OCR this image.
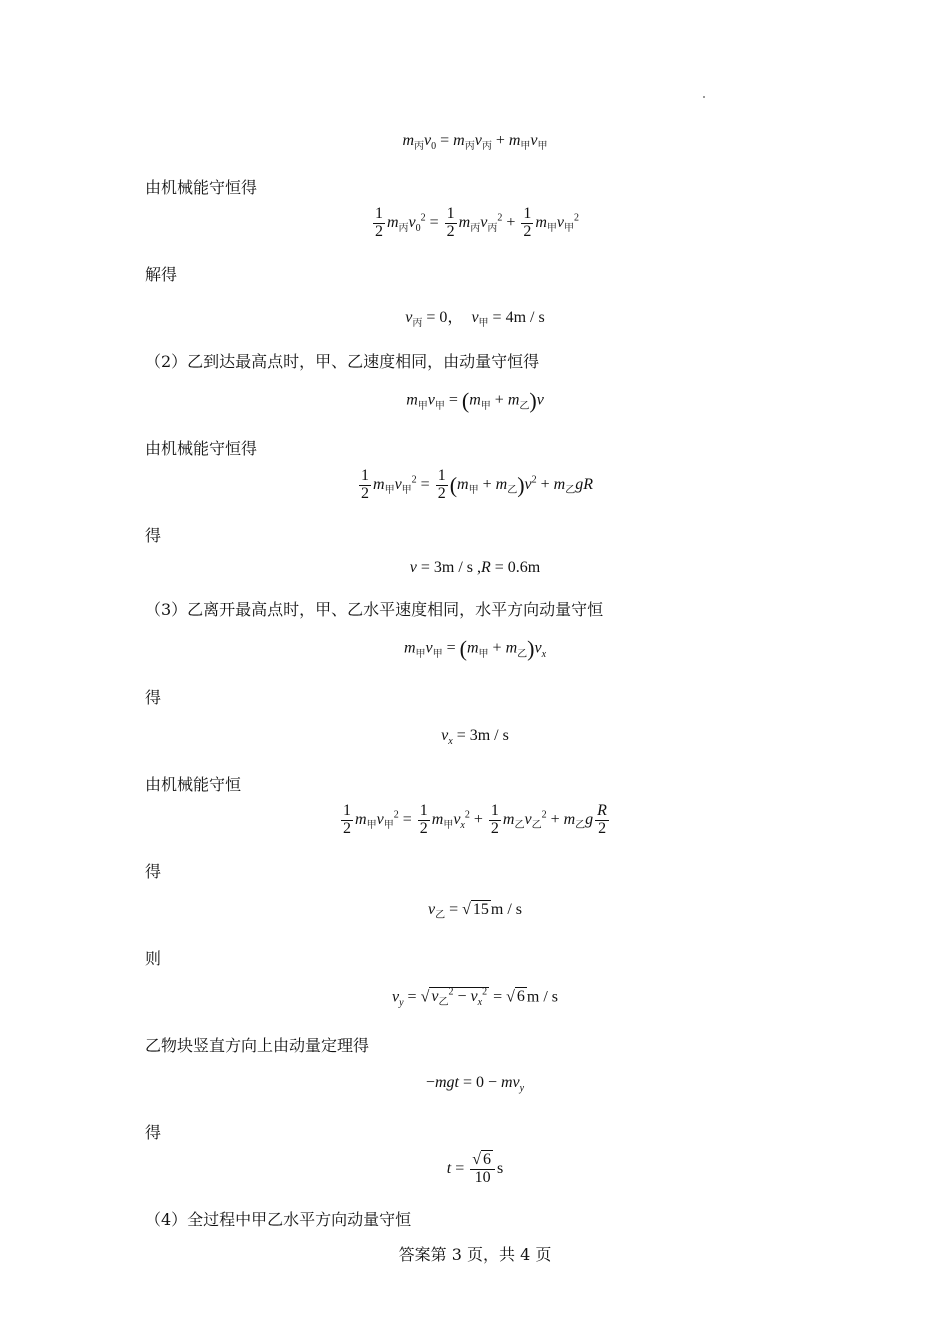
$m_丙v_0 = m_丙v_丙 + m_甲v_甲$
由机械能守恒得
$\frac{1}{2} m_丙v_0^2 = \frac{1}{2} m_丙v_丙^2 + \frac{1}{2} m_甲v_甲^2$
解得
$v_丙 = 0$， $v_甲 = 4m / s$
（2）乙到达最高点时，甲、乙速度相同，由动量守恒得
$m_甲v_甲 = (m_甲 + m_乙)v$
由机械能守恒得
$\frac{1}{2} m_甲v_甲^2 = \frac{1}{2} (m_甲 + m_乙)v^2 + m_乙gR$
得
v = 3m / s ,R = 0.6m
（3）乙离开最高点时，甲、乙水平速度相同，水平方向动量守恒
$m_甲v_甲 = (m_甲 + m_乙)v_x$
得
$v_x = 3m / s$
由机械能守恒
$\frac{1}{2} m_甲v_甲^2 = \frac{1}{2} m_甲v_x^2 + \frac{1}{2} m_乙v_乙^2 + m_乙g \frac{R}{2}$
得
$v_乙$ = √ 15 m / s
则
$v_y$ = √ $v_乙^2 - v_x^2$ = √ 6 m / s
乙物块竖直方向上由动量定理得
$-mgt = 0 - mv_y$
得
$t = \frac{√ 6}{10}$ s
（4）全过程中甲乙水平方向动量守恒
答案第 3 页，共 4 页
